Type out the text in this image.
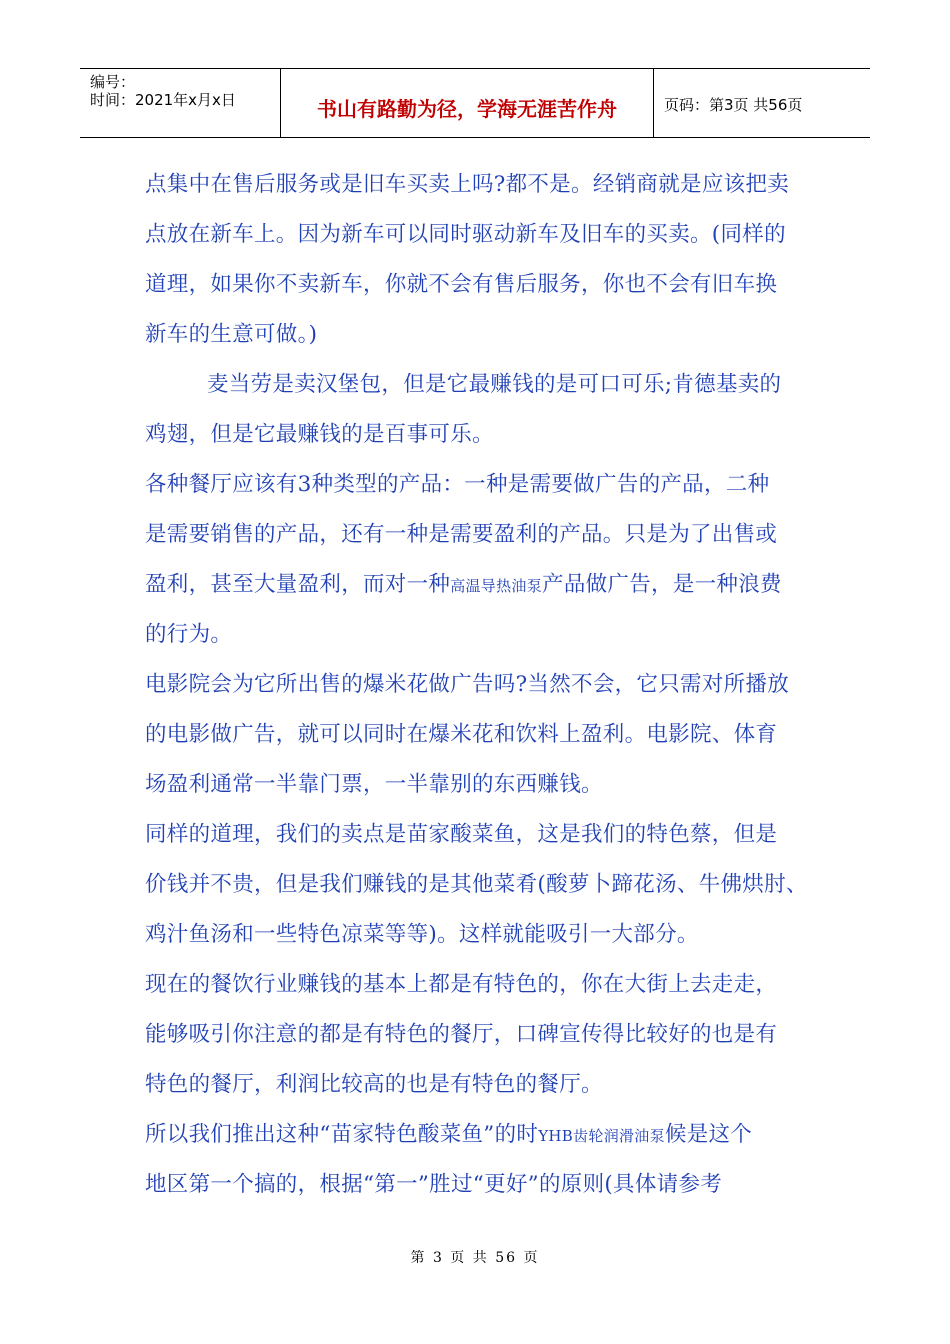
编号：
时间：2021年x月x日	书山有路勤为径，学海无涯苦作舟	页码：第3页 共56页
点集中在售后服务或是旧车买卖上吗?都不是。经销商就是应该把卖
点放在新车上。因为新车可以同时驱动新车及旧车的买卖。(同样的
道理，如果你不卖新车，你就不会有售后服务，你也不会有旧车换
新车的生意可做。)
麦当劳是卖汉堡包，但是它最赚钱的是可口可乐;肯德基卖的
鸡翅，但是它最赚钱的是百事可乐。
各种餐厅应该有3种类型的产品：一种是需要做广告的产品，二种
是需要销售的产品，还有一种是需要盈利的产品。只是为了出售或
盈利，甚至大量盈利，而对一种高温导热油泵产品做广告，是一种浪费
的行为。
电影院会为它所出售的爆米花做广告吗?当然不会，它只需对所播放
的电影做广告，就可以同时在爆米花和饮料上盈利。电影院、体育
场盈利通常一半靠门票，一半靠别的东西赚钱。
同样的道理，我们的卖点是苗家酸菜鱼，这是我们的特色蔡，但是
价钱并不贵，但是我们赚钱的是其他菜肴(酸萝卜蹄花汤、牛佛烘肘、
鸡汁鱼汤和一些特色凉菜等等)。这样就能吸引一大部分。
现在的餐饮行业赚钱的基本上都是有特色的，你在大街上去走走，
能够吸引你注意的都是有特色的餐厅，口碑宣传得比较好的也是有
特色的餐厅，利润比较高的也是有特色的餐厅。
所以我们推出这种“苗家特色酸菜鱼”的时YHB齿轮润滑油泵候是这个
地区第一个搞的，根据“第一”胜过“更好”的原则(具体请参考
第 3 页 共 56 页
